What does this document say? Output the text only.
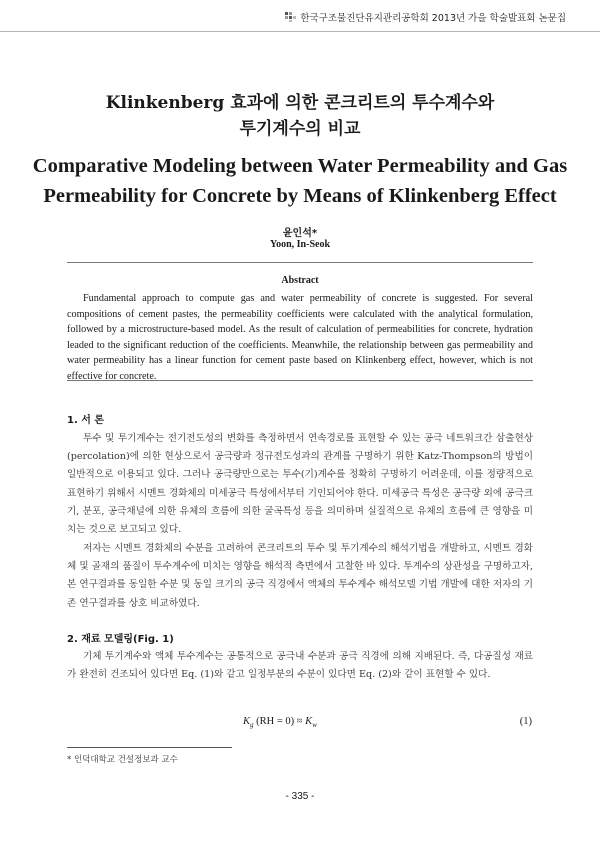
한국구조물진단유지관리공학회 2013년 가을 학술발표회 논문집
Klinkenberg 효과에 의한 콘크리트의 투수계수와
투기계수의 비교
Comparative Modeling between Water Permeability and Gas
Permeability for Concrete by Means of Klinkenberg Effect
윤인석*
Yoon, In-Seok
Abstract
Fundamental approach to compute gas and water permeability of concrete is suggested. For several compositions of cement pastes, the permeability coefficients were calculated with the analytical formulation, followed by a microstructure-based model. As the result of calculation of permeabilities for concrete, hydration leaded to the significant reduction of the coefficients. Meanwhile, the relationship between gas permeability and water permeability has a linear function for cement paste based on Klinkenberg effect, however, which is not effective for concrete.
1. 서 론
투수 및 투기계수는 전기전도성의 변화를 측정하면서 연속경로를 표현할 수 있는 공극 네트워크간 삼출현상 (percolation)에 의한 현상으로서 공극량과 정규전도성과의 관계를 구명하기 위한 Katz-Thompson의 방법이 일반적으로 이용되고 있다. 그러나 공극량만으로는 투수(기)계수를 정확히 구명하기 어려운데, 이를 정량적으로 표현하기 위해서 시멘트 경화체의 미세공극 특성에서부터 기인되어야 한다. 미세공극 특성은 공극량 외에 공극크기, 분포, 공극채널에 의한 유체의 흐름에 의한 굴곡특성 등을 의미하며 실질적으로 유체의 흐름에 큰 영향을 미치는 것으로 보고되고 있다.
저자는 시멘트 경화체의 수분을 고려하여 콘크리트의 투수 및 투기계수의 해석기법을 개발하고, 시멘트 경화체 및 골재의 품질이 투수계수에 미치는 영향을 해석적 측면에서 고찰한 바 있다. 투계수의 상관성을 구명하고자, 본 연구결과를 동일한 수분 및 동일 크기의 공극 직경에서 액체의 투수계수 해석모델 기법 개발에 대한 저자의 기존 연구결과를 상호 비교하였다.
2. 재료 모델링(Fig. 1)
기체 투기계수와 액체 투수계수는 공통적으로 공극내 수분과 공극 직경에 의해 지배된다. 즉, 다공질성 재료가 완전히 건조되어 있다면 Eq. (1)와 같고 일정부분의 수분이 있다면 Eq. (2)와 같이 표현할 수 있다.
$K_g$ $(RH = 0) \approx K_w$	(1)
* 인덕대학교 건설정보과 교수
- 335 -
